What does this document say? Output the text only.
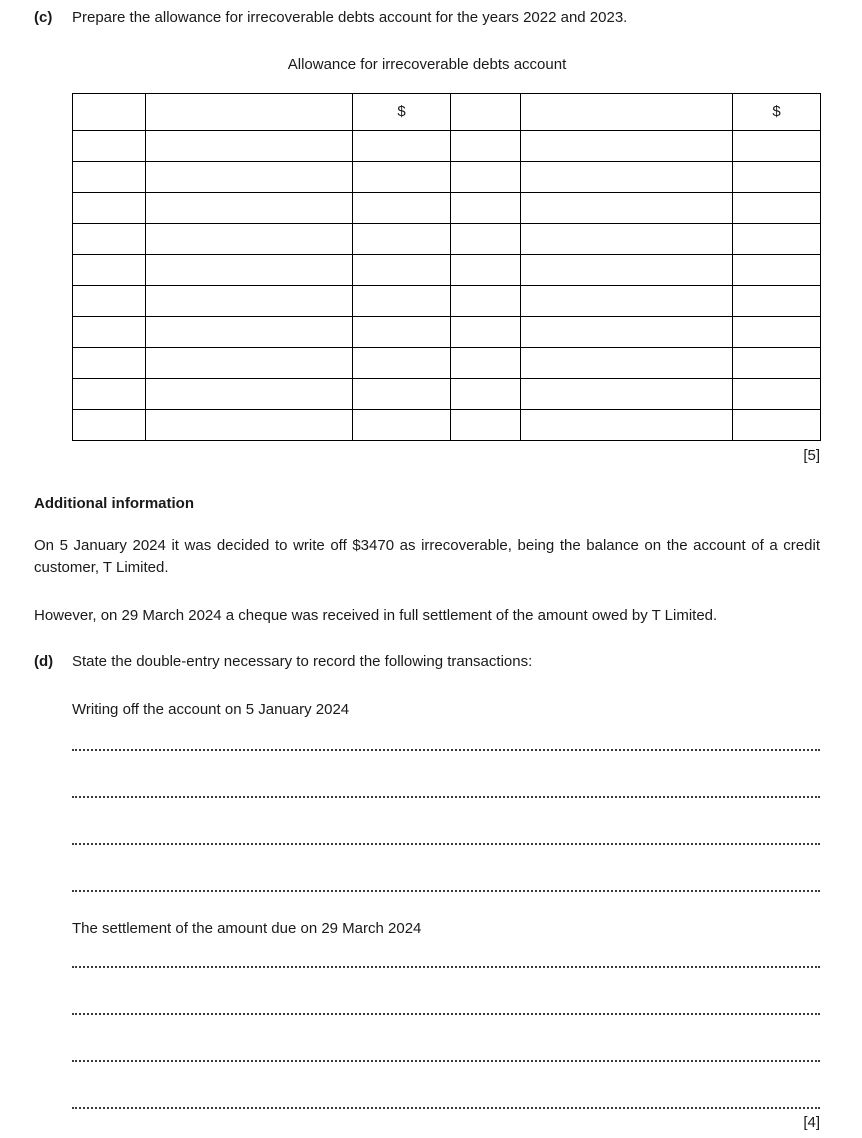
(c)	Prepare the allowance for irrecoverable debts account for the years 2022 and 2023.
Allowance for irrecoverable debts account
		$			$

[5]
Additional information
On 5 January 2024 it was decided to write off $3470 as irrecoverable, being the balance on the account of a credit customer, T Limited.
However, on 29 March 2024 a cheque was received in full settlement of the amount owed by T Limited.
(d)	State the double-entry necessary to record the following transactions:
Writing off the account on 5 January 2024
The settlement of the amount due on 29 March 2024
[4]
